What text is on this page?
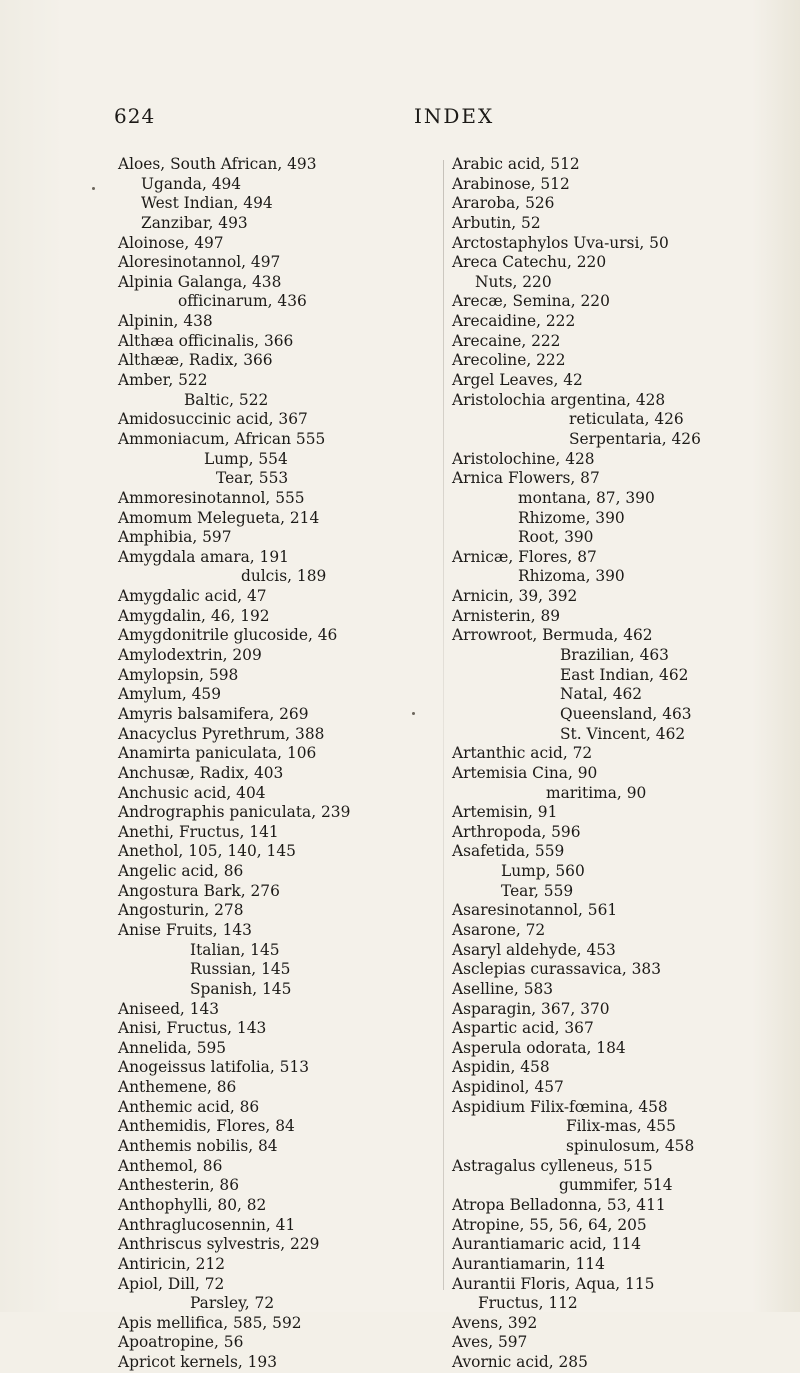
624	INDEX
Aloes, South African, 493
Uganda, 494
West Indian, 494
Zanzibar, 493
Aloinose, 497
Aloresinotannol, 497
Alpinia Galanga, 438
officinarum, 436
Alpinin, 438
Althæa officinalis, 366
Althææ, Radix, 366
Amber, 522
Baltic, 522
Amidosuccinic acid, 367
Ammoniacum, African 555
Lump, 554
Tear, 553
Ammoresinotannol, 555
Amomum Melegueta, 214
Amphibia, 597
Amygdala amara, 191
dulcis, 189
Amygdalic acid, 47
Amygdalin, 46, 192
Amygdonitrile glucoside, 46
Amylodextrin, 209
Amylopsin, 598
Amylum, 459
Amyris balsamifera, 269
Anacyclus Pyrethrum, 388
Anamirta paniculata, 106
Anchusæ, Radix, 403
Anchusic acid, 404
Andrographis paniculata, 239
Anethi, Fructus, 141
Anethol, 105, 140, 145
Angelic acid, 86
Angostura Bark, 276
Angosturin, 278
Anise Fruits, 143
Italian, 145
Russian, 145
Spanish, 145
Aniseed, 143
Anisi, Fructus, 143
Annelida, 595
Anogeissus latifolia, 513
Anthemene, 86
Anthemic acid, 86
Anthemidis, Flores, 84
Anthemis nobilis, 84
Anthemol, 86
Anthesterin, 86
Anthophylli, 80, 82
Anthraglucosennin, 41
Anthriscus sylvestris, 229
Antiricin, 212
Apiol, Dill, 72
Parsley, 72
Apis mellifica, 585, 592
Apoatropine, 56
Apricot kernels, 193
Arabic acid, 512
Arabinose, 512
Araroba, 526
Arbutin, 52
Arctostaphylos Uva-ursi, 50
Areca Catechu, 220
Nuts, 220
Arecæ, Semina, 220
Arecaidine, 222
Arecaine, 222
Arecoline, 222
Argel Leaves, 42
Aristolochia argentina, 428
reticulata, 426
Serpentaria, 426
Aristolochine, 428
Arnica Flowers, 87
montana, 87, 390
Rhizome, 390
Root, 390
Arnicæ, Flores, 87
Rhizoma, 390
Arnicin, 39, 392
Arnisterin, 89
Arrowroot, Bermuda, 462
Brazilian, 463
East Indian, 462
Natal, 462
Queensland, 463
St. Vincent, 462
Artanthic acid, 72
Artemisia Cina, 90
maritima, 90
Artemisin, 91
Arthropoda, 596
Asafetida, 559
Lump, 560
Tear, 559
Asaresinotannol, 561
Asarone, 72
Asaryl aldehyde, 453
Asclepias curassavica, 383
Aselline, 583
Asparagin, 367, 370
Aspartic acid, 367
Asperula odorata, 184
Aspidin, 458
Aspidinol, 457
Aspidium Filix-fœmina, 458
Filix-mas, 455
spinulosum, 458
Astragalus cylleneus, 515
gummifer, 514
Atropa Belladonna, 53, 411
Atropine, 55, 56, 64, 205
Aurantiamaric acid, 114
Aurantiamarin, 114
Aurantii Floris, Aqua, 115
Fructus, 112
Avens, 392
Aves, 597
Avornic acid, 285
